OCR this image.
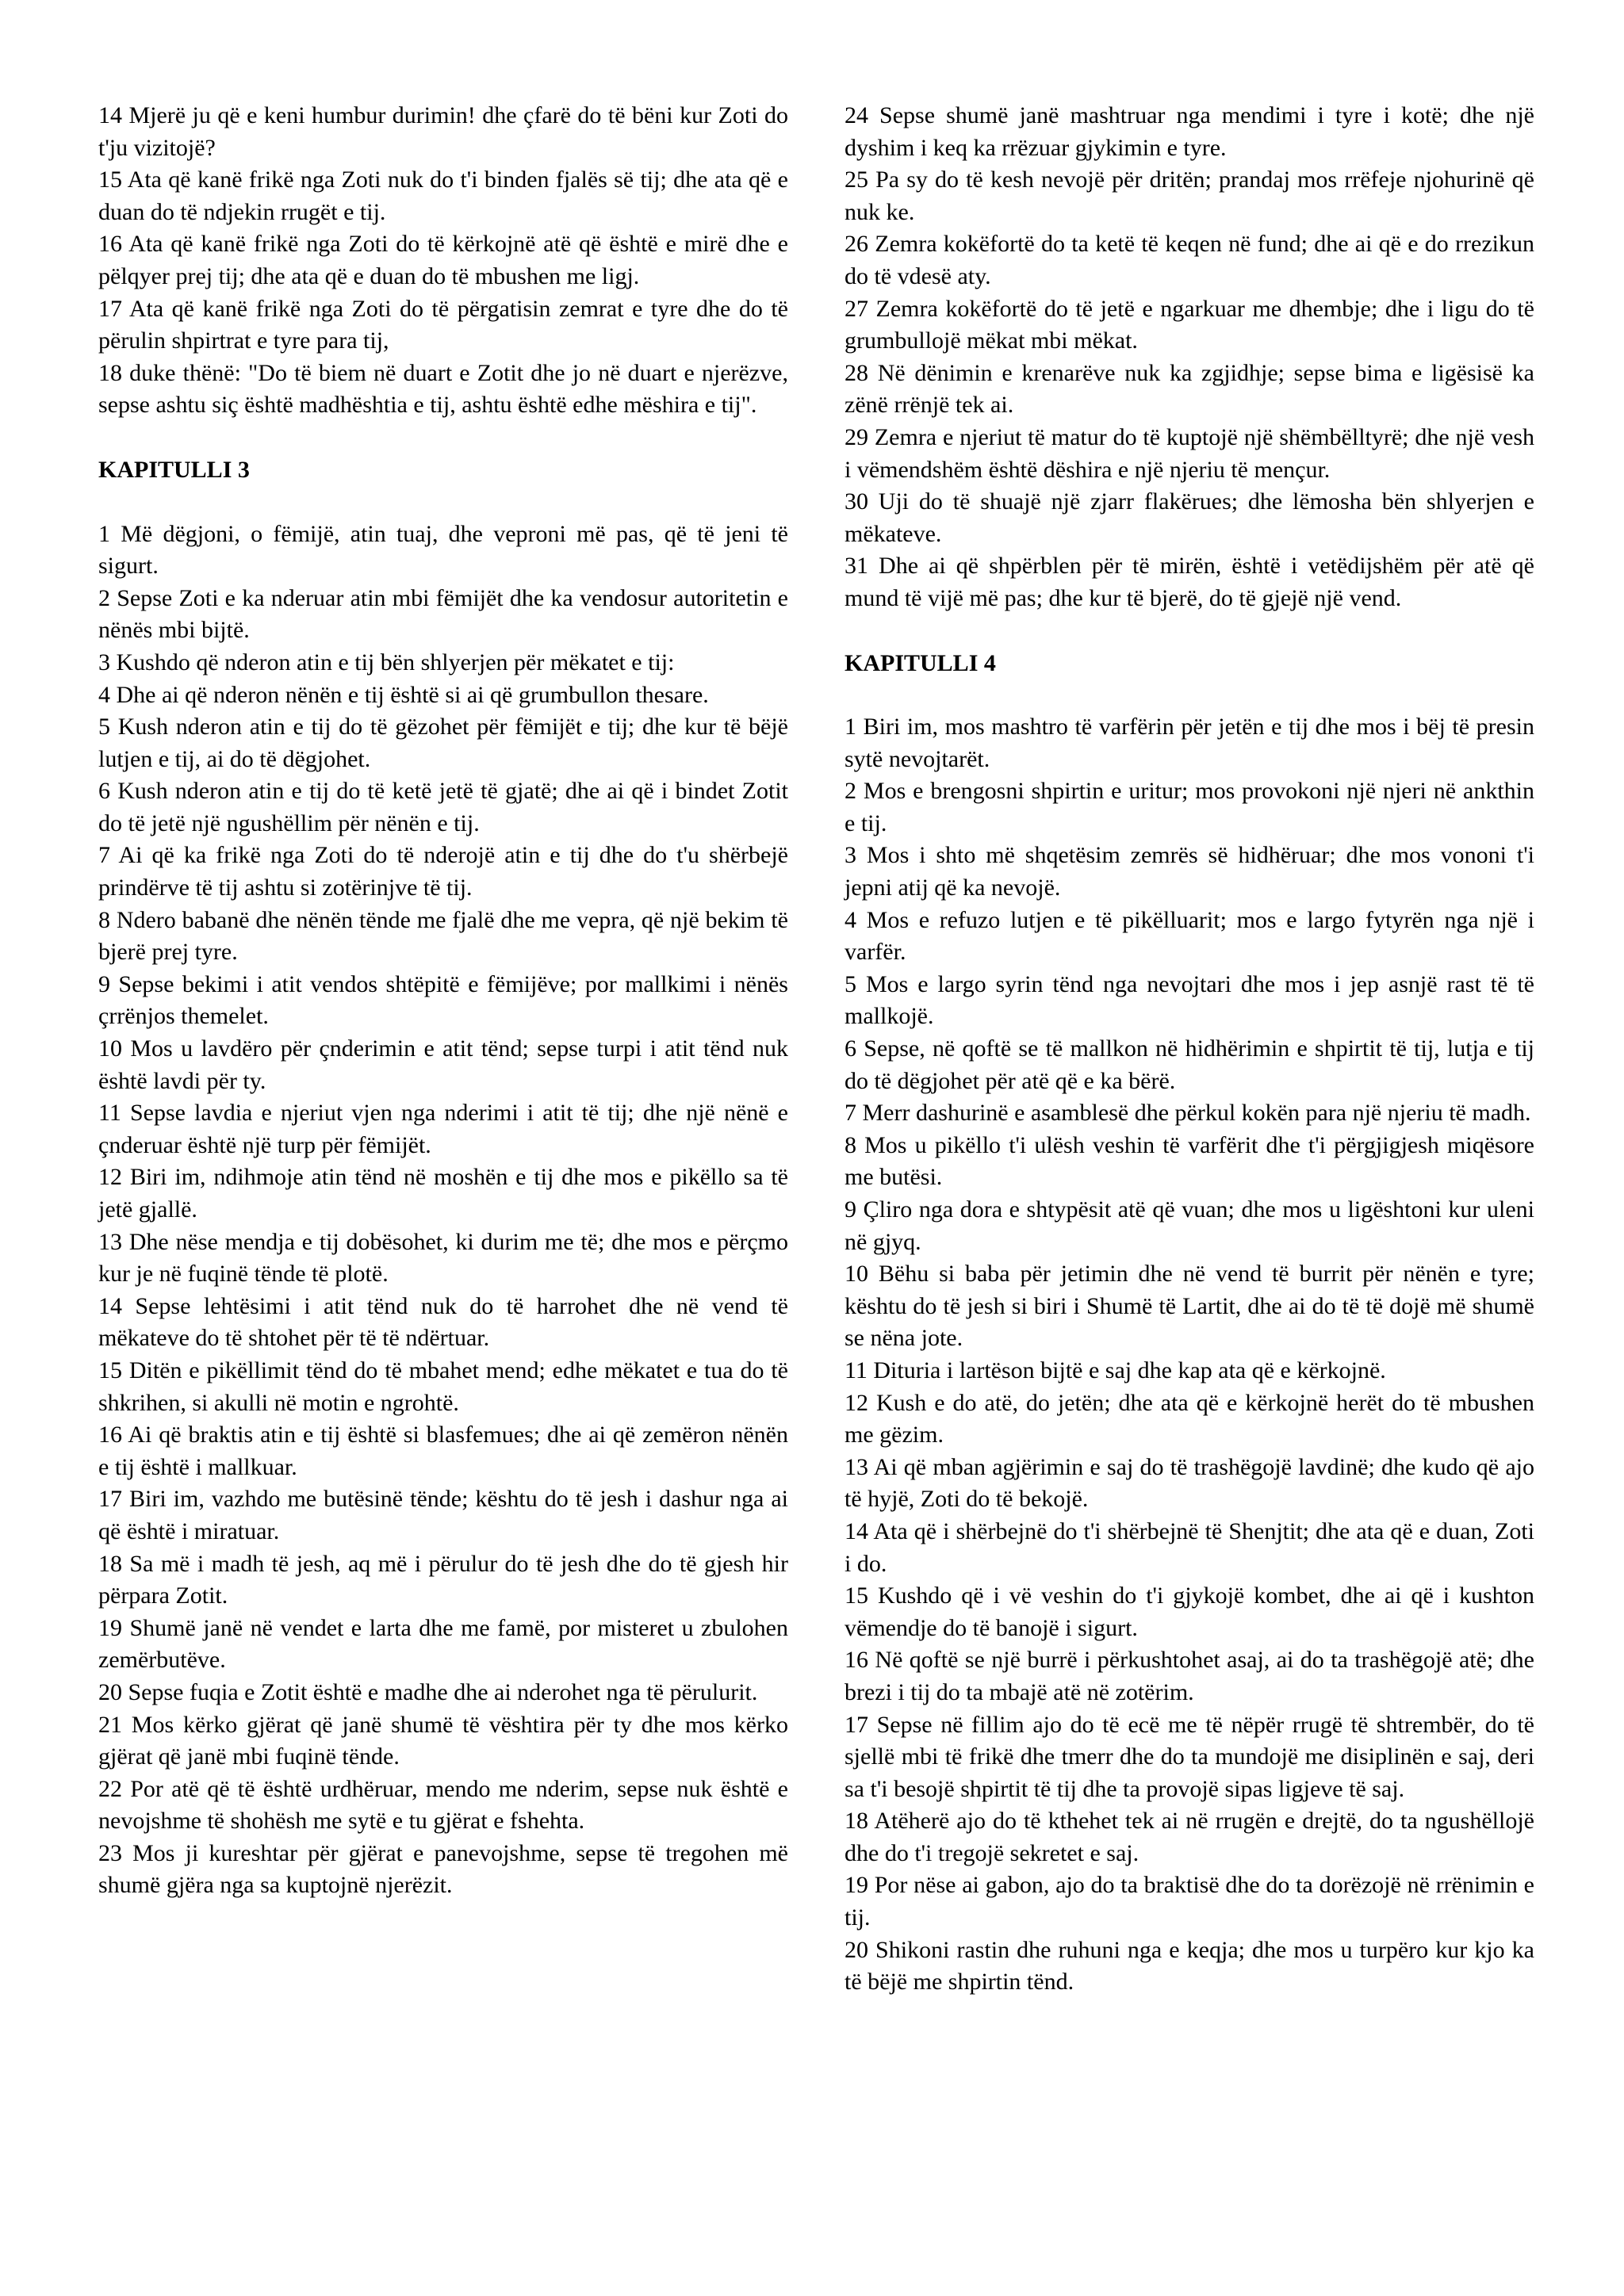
14 Mjerë ju që e keni humbur durimin! dhe çfarë do të bëni kur Zoti do t'ju vizitojë?

15 Ata që kanë frikë nga Zoti nuk do t'i binden fjalës së tij; dhe ata që e duan do të ndjekin rrugët e tij.

16 Ata që kanë frikë nga Zoti do të kërkojnë atë që është e mirë dhe e pëlqyer prej tij; dhe ata që e duan do të mbushen me ligj.

17 Ata që kanë frikë nga Zoti do të përgatisin zemrat e tyre dhe do të përulin shpirtrat e tyre para tij,

18 duke thënë: "Do të biem në duart e Zotit dhe jo në duart e njerëzve, sepse ashtu siç është madhështia e tij, ashtu është edhe mëshira e tij".

KAPITULLI 3

1 Më dëgjoni, o fëmijë, atin tuaj, dhe veproni më pas, që të jeni të sigurt.

2 Sepse Zoti e ka nderuar atin mbi fëmijët dhe ka vendosur autoritetin e nënës mbi bijtë.

3 Kushdo që nderon atin e tij bën shlyerjen për mëkatet e tij:

4 Dhe ai që nderon nënën e tij është si ai që grumbullon thesare.

5 Kush nderon atin e tij do të gëzohet për fëmijët e tij; dhe kur të bëjë lutjen e tij, ai do të dëgjohet.

6 Kush nderon atin e tij do të ketë jetë të gjatë; dhe ai që i bindet Zotit do të jetë një ngushëllim për nënën e tij.

7 Ai që ka frikë nga Zoti do të nderojë atin e tij dhe do t'u shërbejë prindërve të tij ashtu si zotërinjve të tij.

8 Ndero babanë dhe nënën tënde me fjalë dhe me vepra, që një bekim të bjerë prej tyre.

9 Sepse bekimi i atit vendos shtëpitë e fëmijëve; por mallkimi i nënës çrrënjos themelet.

10 Mos u lavdëro për çnderimin e atit tënd; sepse turpi i atit tënd nuk është lavdi për ty.

11 Sepse lavdia e njeriut vjen nga nderimi i atit të tij; dhe një nënë e çnderuar është një turp për fëmijët.

12 Biri im, ndihmoje atin tënd në moshën e tij dhe mos e pikëllo sa të jetë gjallë.

13 Dhe nëse mendja e tij dobësohet, ki durim me të; dhe mos e përçmo kur je në fuqinë tënde të plotë.

14 Sepse lehtësimi i atit tënd nuk do të harrohet dhe në vend të mëkateve do të shtohet për të të ndërtuar.

15 Ditën e pikëllimit tënd do të mbahet mend; edhe mëkatet e tua do të shkrihen, si akulli në motin e ngrohtë.

16 Ai që braktis atin e tij është si blasfemues; dhe ai që zemëron nënën e tij është i mallkuar.

17 Biri im, vazhdo me butësinë tënde; kështu do të jesh i dashur nga ai që është i miratuar.

18 Sa më i madh të jesh, aq më i përulur do të jesh dhe do të gjesh hir përpara Zotit.

19 Shumë janë në vendet e larta dhe me famë, por misteret u zbulohen zemërbutëve.

20 Sepse fuqia e Zotit është e madhe dhe ai nderohet nga të përulurit.

21 Mos kërko gjërat që janë shumë të vështira për ty dhe mos kërko gjërat që janë mbi fuqinë tënde.

22 Por atë që të është urdhëruar, mendo me nderim, sepse nuk është e nevojshme të shohësh me sytë e tu gjërat e fshehta.

23 Mos ji kureshtar për gjërat e panevojshme, sepse të tregohen më shumë gjëra nga sa kuptojnë njerëzit.

24 Sepse shumë janë mashtruar nga mendimi i tyre i kotë; dhe një dyshim i keq ka rrëzuar gjykimin e tyre.

25 Pa sy do të kesh nevojë për dritën; prandaj mos rrëfeje njohurinë që nuk ke.

26 Zemra kokëfortë do ta ketë të keqen në fund; dhe ai që e do rrezikun do të vdesë aty.

27 Zemra kokëfortë do të jetë e ngarkuar me dhembje; dhe i ligu do të grumbullojë mëkat mbi mëkat.

28 Në dënimin e krenarëve nuk ka zgjidhje; sepse bima e ligësisë ka zënë rrënjë tek ai.

29 Zemra e njeriut të matur do të kuptojë një shëmbëlltyrë; dhe një vesh i vëmendshëm është dëshira e një njeriu të mençur.

30 Uji do të shuajë një zjarr flakërues; dhe lëmosha bën shlyerjen e mëkateve.

31 Dhe ai që shpërblen për të mirën, është i vetëdijshëm për atë që mund të vijë më pas; dhe kur të bjerë, do të gjejë një vend.

KAPITULLI 4

1 Biri im, mos mashtro të varfërin për jetën e tij dhe mos i bëj të presin sytë nevojtarët.

2 Mos e brengosni shpirtin e uritur; mos provokoni një njeri në ankthin e tij.

3 Mos i shto më shqetësim zemrës së hidhëruar; dhe mos vononi t'i jepni atij që ka nevojë.

4 Mos e refuzo lutjen e të pikëlluarit; mos e largo fytyrën nga një i varfër.

5 Mos e largo syrin tënd nga nevojtari dhe mos i jep asnjë rast të të mallkojë.

6 Sepse, në qoftë se të mallkon në hidhërimin e shpirtit të tij, lutja e tij do të dëgjohet për atë që e ka bërë.

7 Merr dashurinë e asamblesë dhe përkul kokën para një njeriu të madh.

8 Mos u pikëllo t'i ulësh veshin të varfërit dhe t'i përgjigjesh miqësore me butësi.

9 Çliro nga dora e shtypësit atë që vuan; dhe mos u ligështoni kur uleni në gjyq.

10 Bëhu si baba për jetimin dhe në vend të burrit për nënën e tyre; kështu do të jesh si biri i Shumë të Lartit, dhe ai do të të dojë më shumë se nëna jote.

11 Dituria i lartëson bijtë e saj dhe kap ata që e kërkojnë.

12 Kush e do atë, do jetën; dhe ata që e kërkojnë herët do të mbushen me gëzim.

13 Ai që mban agjërimin e saj do të trashëgojë lavdinë; dhe kudo që ajo të hyjë, Zoti do të bekojë.

14 Ata që i shërbejnë do t'i shërbejnë të Shenjtit; dhe ata që e duan, Zoti i do.

15 Kushdo që i vë veshin do t'i gjykojë kombet, dhe ai që i kushton vëmendje do të banojë i sigurt.

16 Në qoftë se një burrë i përkushtohet asaj, ai do ta trashëgojë atë; dhe brezi i tij do ta mbajë atë në zotërim.

17 Sepse në fillim ajo do të ecë me të nëpër rrugë të shtrembër, do të sjellë mbi të frikë dhe tmerr dhe do ta mundojë me disiplinën e saj, deri sa t'i besojë shpirtit të tij dhe ta provojë sipas ligjeve të saj.

18 Atëherë ajo do të kthehet tek ai në rrugën e drejtë, do ta ngushëllojë dhe do t'i tregojë sekretet e saj.

19 Por nëse ai gabon, ajo do ta braktisë dhe do ta dorëzojë në rrënimin e tij.

20 Shikoni rastin dhe ruhuni nga e keqja; dhe mos u turpëro kur kjo ka të bëjë me shpirtin tënd.
